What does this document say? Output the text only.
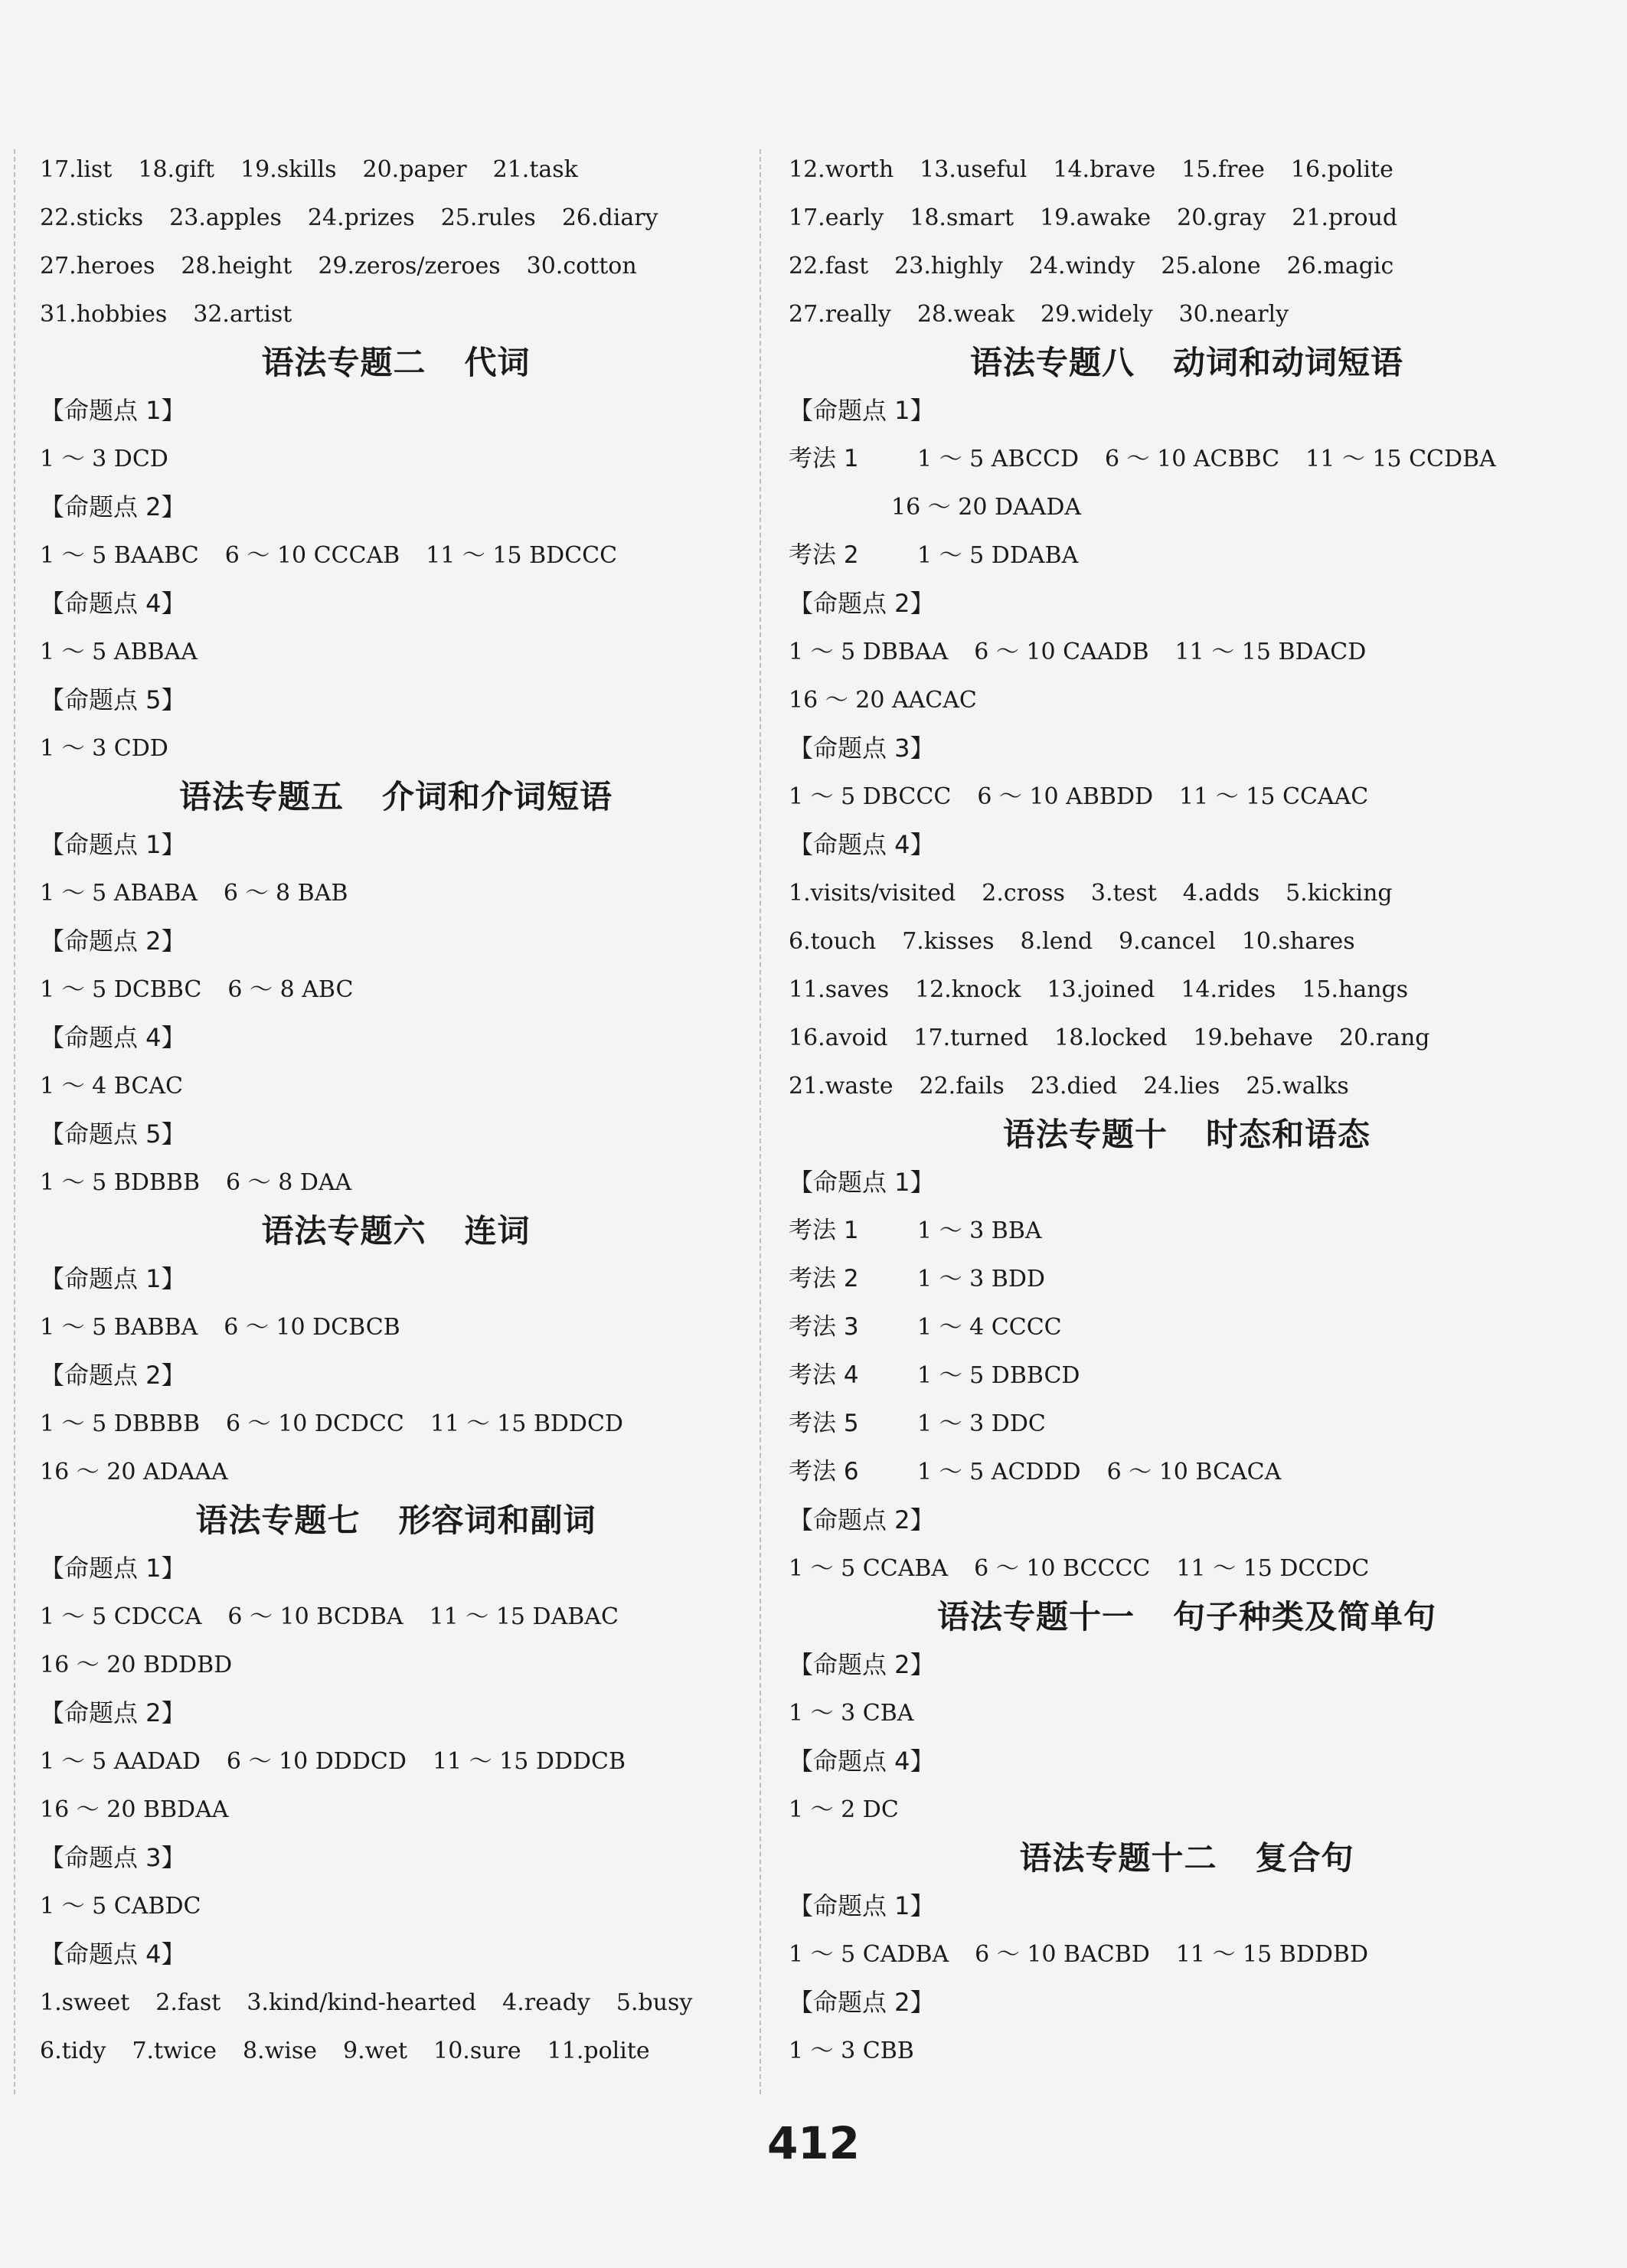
17.list 18.gift 19.skills 20.paper 21.task
22.sticks 23.apples 24.prizes 25.rules 26.diary
27.heroes 28.height 29.zeros/zeroes 30.cotton
31.hobbies 32.artist
语法专题二 代词
【命题点 1】
1 ～ 3 DCD
【命题点 2】
1 ～ 5 BAABC 6 ～ 10 CCCAB 11 ～ 15 BDCCC
【命题点 4】
1 ～ 5 ABBAA
【命题点 5】
1 ～ 3 CDD
语法专题五 介词和介词短语
【命题点 1】
1 ～ 5 ABABA 6 ～ 8 BAB
【命题点 2】
1 ～ 5 DCBBC 6 ～ 8 ABC
【命题点 4】
1 ～ 4 BCAC
【命题点 5】
1 ～ 5 BDBBB 6 ～ 8 DAA
语法专题六 连词
【命题点 1】
1 ～ 5 BABBA 6 ～ 10 DCBCB
【命题点 2】
1 ～ 5 DBBBB 6 ～ 10 DCDCC 11 ～ 15 BDDCD
16 ～ 20 ADAAA
语法专题七 形容词和副词
【命题点 1】
1 ～ 5 CDCCA 6 ～ 10 BCDBA 11 ～ 15 DABAC
16 ～ 20 BDDBD
【命题点 2】
1 ～ 5 AADAD 6 ～ 10 DDDCD 11 ～ 15 DDDCB
16 ～ 20 BBDAA
【命题点 3】
1 ～ 5 CABDC
【命题点 4】
1.sweet 2.fast 3.kind/kind-hearted 4.ready 5.busy
6.tidy 7.twice 8.wise 9.wet 10.sure 11.polite
12.worth 13.useful 14.brave 15.free 16.polite
17.early 18.smart 19.awake 20.gray 21.proud
22.fast 23.highly 24.windy 25.alone 26.magic
27.really 28.weak 29.widely 30.nearly
语法专题八 动词和动词短语
【命题点 1】
考法 1	1 ～ 5 ABCCD 6 ～ 10 ACBBC 11 ～ 15 CCDBA
16 ～ 20 DAADA
考法 2	1 ～ 5 DDABA
【命题点 2】
1 ～ 5 DBBAA 6 ～ 10 CAADB 11 ～ 15 BDACD
16 ～ 20 AACAC
【命题点 3】
1 ～ 5 DBCCC 6 ～ 10 ABBDD 11 ～ 15 CCAAC
【命题点 4】
1.visits/visited 2.cross 3.test 4.adds 5.kicking
6.touch 7.kisses 8.lend 9.cancel 10.shares
11.saves 12.knock 13.joined 14.rides 15.hangs
16.avoid 17.turned 18.locked 19.behave 20.rang
21.waste 22.fails 23.died 24.lies 25.walks
语法专题十 时态和语态
【命题点 1】
考法 1	1 ～ 3 BBA
考法 2	1 ～ 3 BDD
考法 3	1 ～ 4 CCCC
考法 4	1 ～ 5 DBBCD
考法 5	1 ～ 3 DDC
考法 6	1 ～ 5 ACDDD 6 ～ 10 BCACA
【命题点 2】
1 ～ 5 CCABA 6 ～ 10 BCCCC 11 ～ 15 DCCDC
语法专题十一 句子种类及简单句
【命题点 2】
1 ～ 3 CBA
【命题点 4】
1 ～ 2 DC
语法专题十二 复合句
【命题点 1】
1 ～ 5 CADBA 6 ～ 10 BACBD 11 ～ 15 BDDBD
【命题点 2】
1 ～ 3 CBB
412
